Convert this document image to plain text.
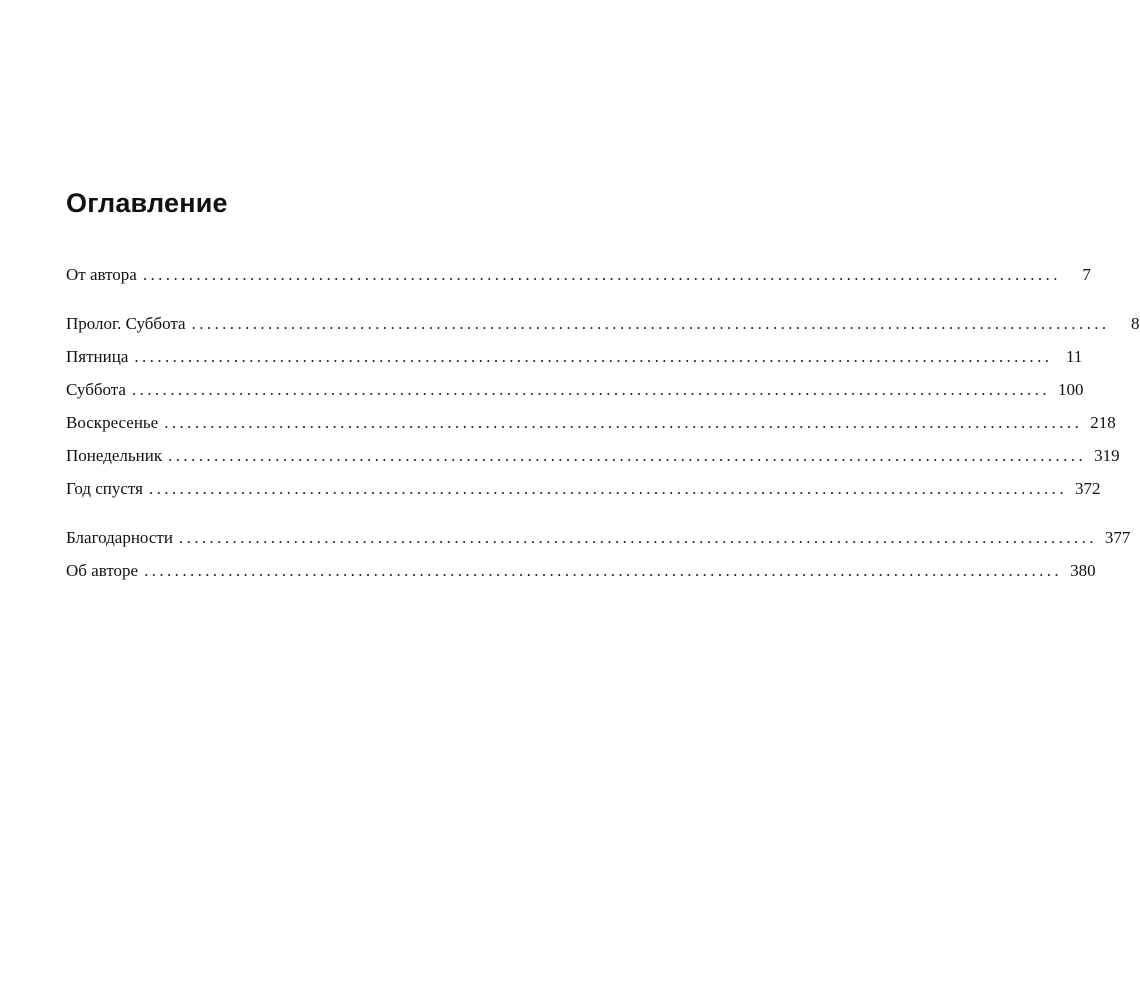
Оглавление
От автора ........................................................................................................................	7
Пролог. Суббота ........................................................................................................................	8
Пятница ........................................................................................................................ 11
Суббота ........................................................................................................................ 100
Воскресенье ........................................................................................................................ 218
Понедельник ........................................................................................................................ 319
Год спустя ........................................................................................................................ 372
Благодарности ........................................................................................................................ 377
Об авторе ........................................................................................................................ 380
